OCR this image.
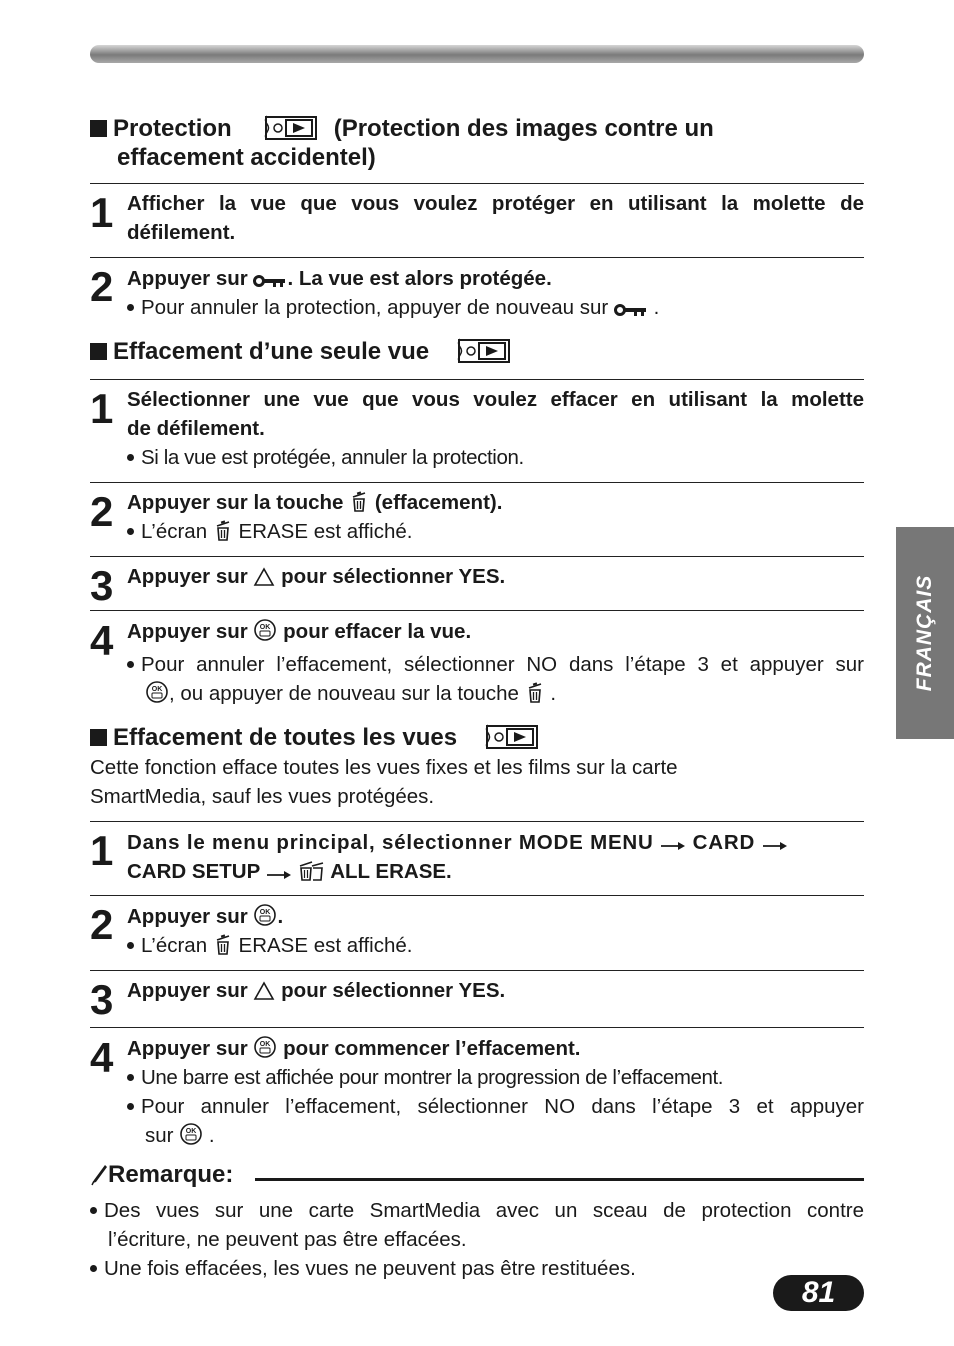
FRANÇAIS
Protection	(Protection des images contre un
effacement accidentel)
1 Afficher la vue que vous voulez protéger en utilisant la molette de
défilement.
2 Appuyer sur . La vue est alors protégée.
Pour annuler la protection, appuyer de nouveau sur .
Effacement d’une seule vue
1 Sélectionner une vue que vous voulez effacer en utilisant la molette
de défilement.
Si la vue est protégée, annuler la protection.
2 Appuyer sur la touche (effacement).
L’écran ERASE est affiché.
3 Appuyer sur pour sélectionner YES.
4 Appuyer sur OK pour effacer la vue.
Pour annuler l’effacement, sélectionner NO dans l’étape 3 et appuyer sur
OK , ou appuyer de nouveau sur la touche .
Effacement de toutes les vues
Cette fonction efface toutes les vues fixes et les films sur la carte
SmartMedia, sauf les vues protégées.
1 Dans le menu principal, sélectionner MODE MENU CARD
CARD SETUP	ALL ERASE.
2 Appuyer sur OK .
L’écran ERASE est affiché.
3 Appuyer sur pour sélectionner YES.
4 Appuyer sur OK pour commencer l’effacement.
Une barre est affichée pour montrer la progression de l’effacement.
Pour annuler l’effacement, sélectionner NO dans l’étape 3 et appuyer
sur OK .
Remarque:
Des vues sur une carte SmartMedia avec un sceau de protection contre
l’écriture, ne peuvent pas être effacées.
Une fois effacées, les vues ne peuvent pas être restituées.
81
